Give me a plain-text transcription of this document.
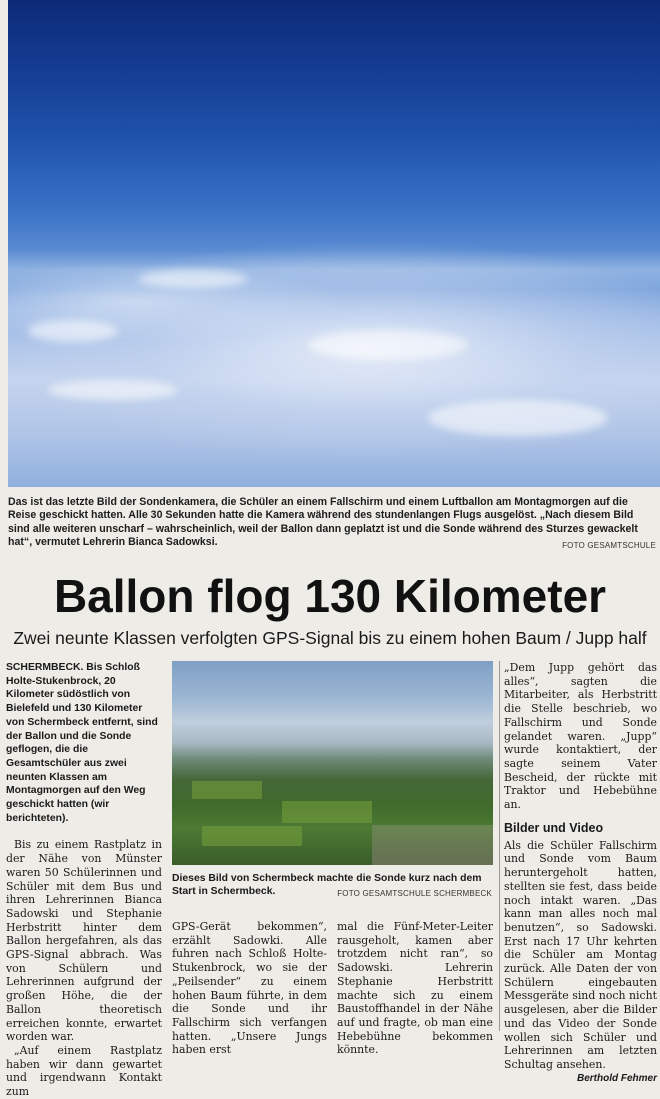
Das ist das letzte Bild der Sondenkamera, die Schüler an einem Fallschirm und einem Luftballon am Montagmorgen auf die Reise geschickt hatten. Alle 30 Sekunden hatte die Kamera während des stundenlangen Flugs ausgelöst. „Nach diesem Bild sind alle weiteren unscharf – wahrscheinlich, weil der Ballon dann geplatzt ist und die Sonde während des Sturzes gewackelt hat“, vermutet Lehrerin Bianca Sadowksi.	FOTO GESAMTSCHULE
Ballon flog 130 Kilometer
Zwei neunte Klassen verfolgten GPS-Signal bis zu einem hohen Baum / Jupp half

SCHERMBECK. Bis Schloß Holte-Stukenbrock, 20 Kilometer südöstlich von Bielefeld und 130 Kilometer von Schermbeck entfernt, sind der Ballon und die Sonde geflogen, die die Gesamtschüler aus zwei neunten Klassen am Montagmorgen auf den Weg geschickt hatten (wir berichteten).

Bis zu einem Rastplatz in der Nähe von Münster waren 50 Schülerinnen und Schüler mit dem Bus und ihren Lehrerinnen Bianca Sadowski und Stephanie Herbstritt hinter dem Ballon hergefahren, als das GPS-Signal abbrach. Was von Schülern und Lehrerinnen aufgrund der großen Höhe, die der Ballon theoretisch erreichen konnte, erwartet worden war.

„Auf einem Rastplatz haben wir dann gewartet und irgendwann Kontakt zum

Dieses Bild von Schermbeck machte die Sonde kurz nach dem Start in Schermbeck.	FOTO GESAMTSCHULE SCHERMBECK

GPS-Gerät bekommen“, erzählt Sadowki. Alle fuhren nach Schloß Holte-Stukenbrock, wo sie der „Peilsender“ zu einem hohen Baum führte, in dem die Sonde und ihr Fallschirm sich verfangen hatten. „Unsere Jungs haben erst

mal die Fünf-Meter-Leiter rausgeholt, kamen aber trotzdem nicht ran“, so Sadowski. Lehrerin Stephanie Herbstritt machte sich zu einem Baustoffhandel in der Nähe auf und fragte, ob man eine Hebebühne bekommen könnte.

„Dem Jupp gehört das alles“, sagten die Mitarbeiter, als Herbstritt die Stelle beschrieb, wo Fallschirm und Sonde gelandet waren. „Jupp“ wurde kontaktiert, der sagte seinem Vater Bescheid, der rückte mit Traktor und Hebebühne an.

Bilder und Video

Als die Schüler Fallschirm und Sonde vom Baum heruntergeholt hatten, stellten sie fest, dass beide noch intakt waren. „Das kann man alles noch mal benutzen“, so Sadowski. Erst nach 17 Uhr kehrten die Schüler am Montag zurück. Alle Daten der von Schülern eingebauten Messgeräte sind noch nicht ausgelesen, aber die Bilder und das Video der Sonde wollen sich Schüler und Lehrerinnen am letzten Schultag ansehen.
Berthold Fehmer
